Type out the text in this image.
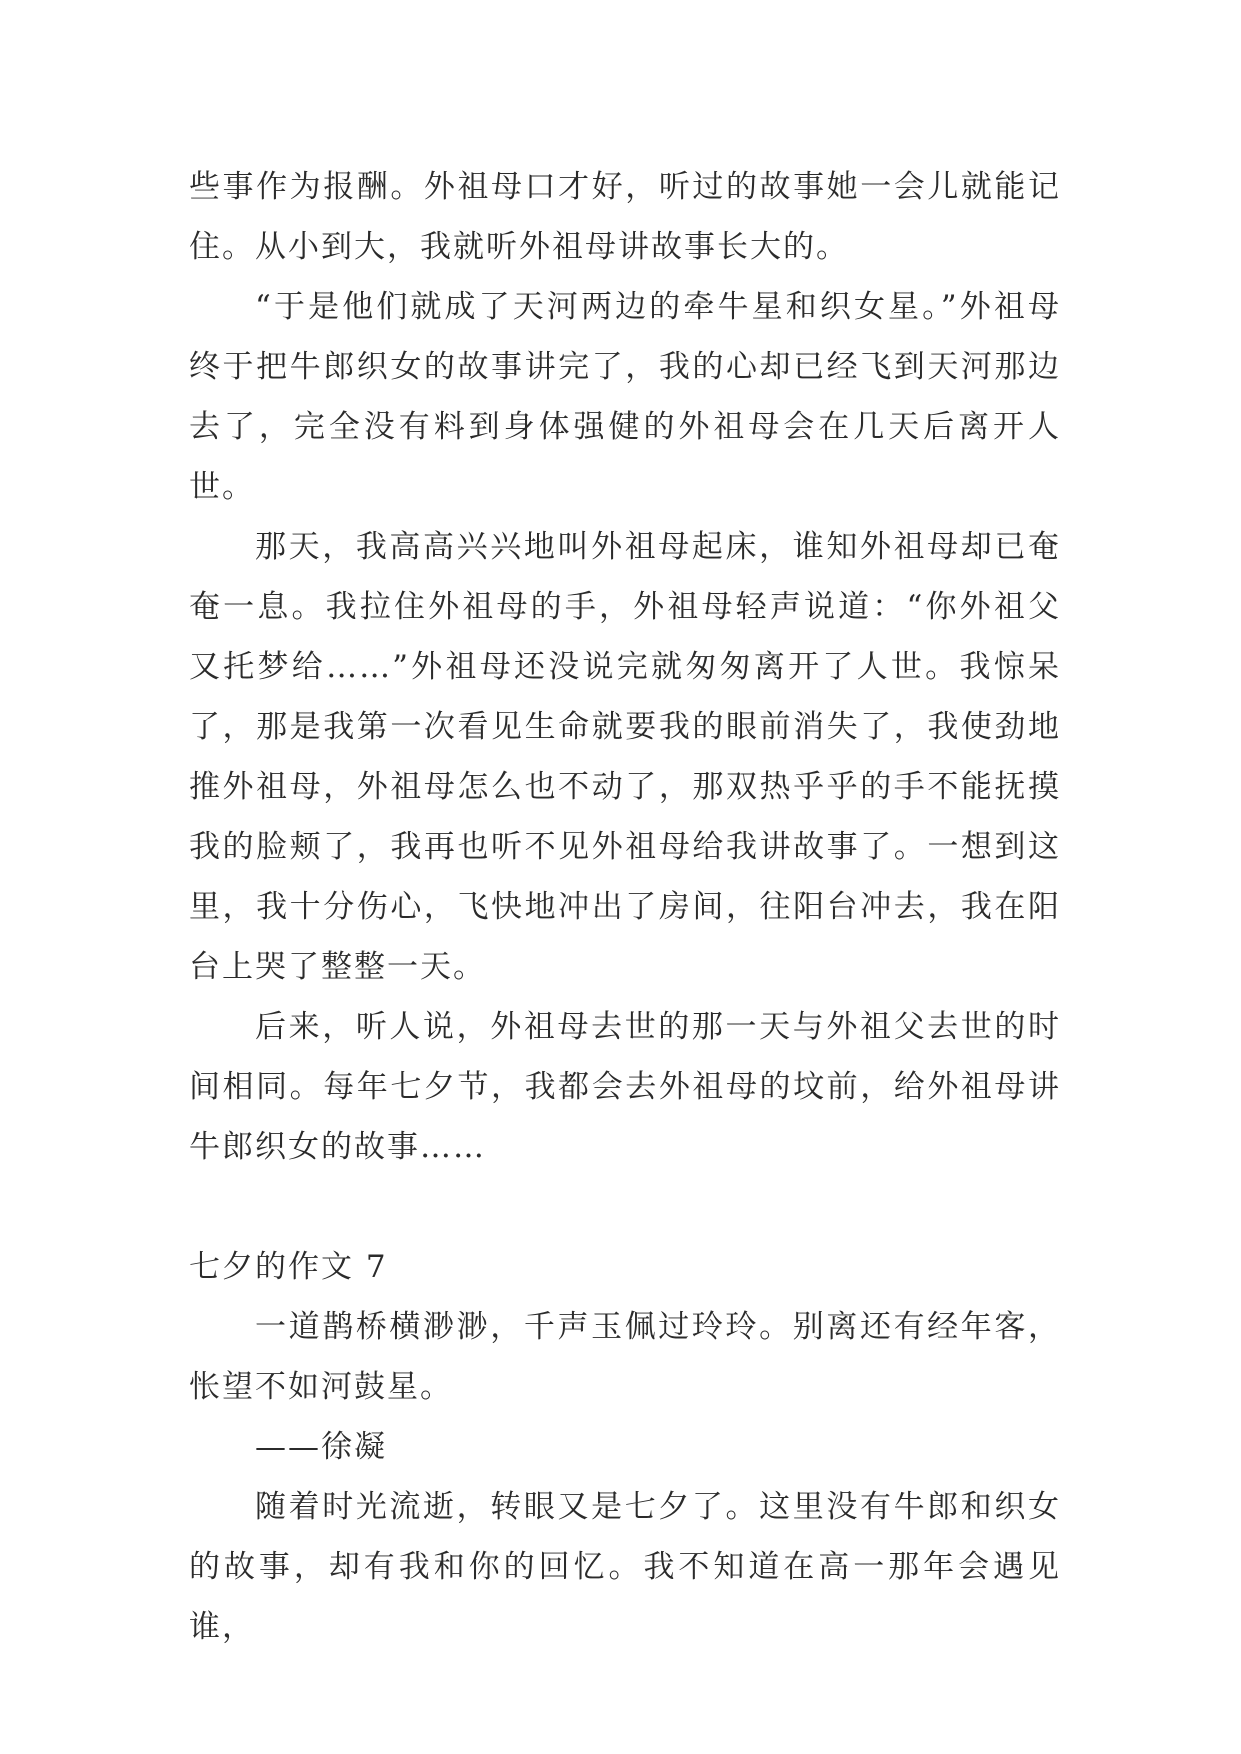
些事作为报酬。外祖母口才好，听过的故事她一会儿就能记住。从小到大，我就听外祖母讲故事长大的。

“于是他们就成了天河两边的牵牛星和织女星。”外祖母终于把牛郎织女的故事讲完了，我的心却已经飞到天河那边去了，完全没有料到身体强健的外祖母会在几天后离开人世。

那天，我高高兴兴地叫外祖母起床，谁知外祖母却已奄奄一息。我拉住外祖母的手，外祖母轻声说道：“你外祖父又托梦给……”外祖母还没说完就匆匆离开了人世。我惊呆了，那是我第一次看见生命就要我的眼前消失了，我使劲地推外祖母，外祖母怎么也不动了，那双热乎乎的手不能抚摸我的脸颊了，我再也听不见外祖母给我讲故事了。一想到这里，我十分伤心，飞快地冲出了房间，往阳台冲去，我在阳台上哭了整整一天。

后来，听人说，外祖母去世的那一天与外祖父去世的时间相同。每年七夕节，我都会去外祖母的坟前，给外祖母讲牛郎织女的故事……

七夕的作文 7

一道鹊桥横渺渺，千声玉佩过玲玲。别离还有经年客，怅望不如河鼓星。

——徐凝

随着时光流逝，转眼又是七夕了。这里没有牛郎和织女的故事，却有我和你的回忆。我不知道在高一那年会遇见谁，
